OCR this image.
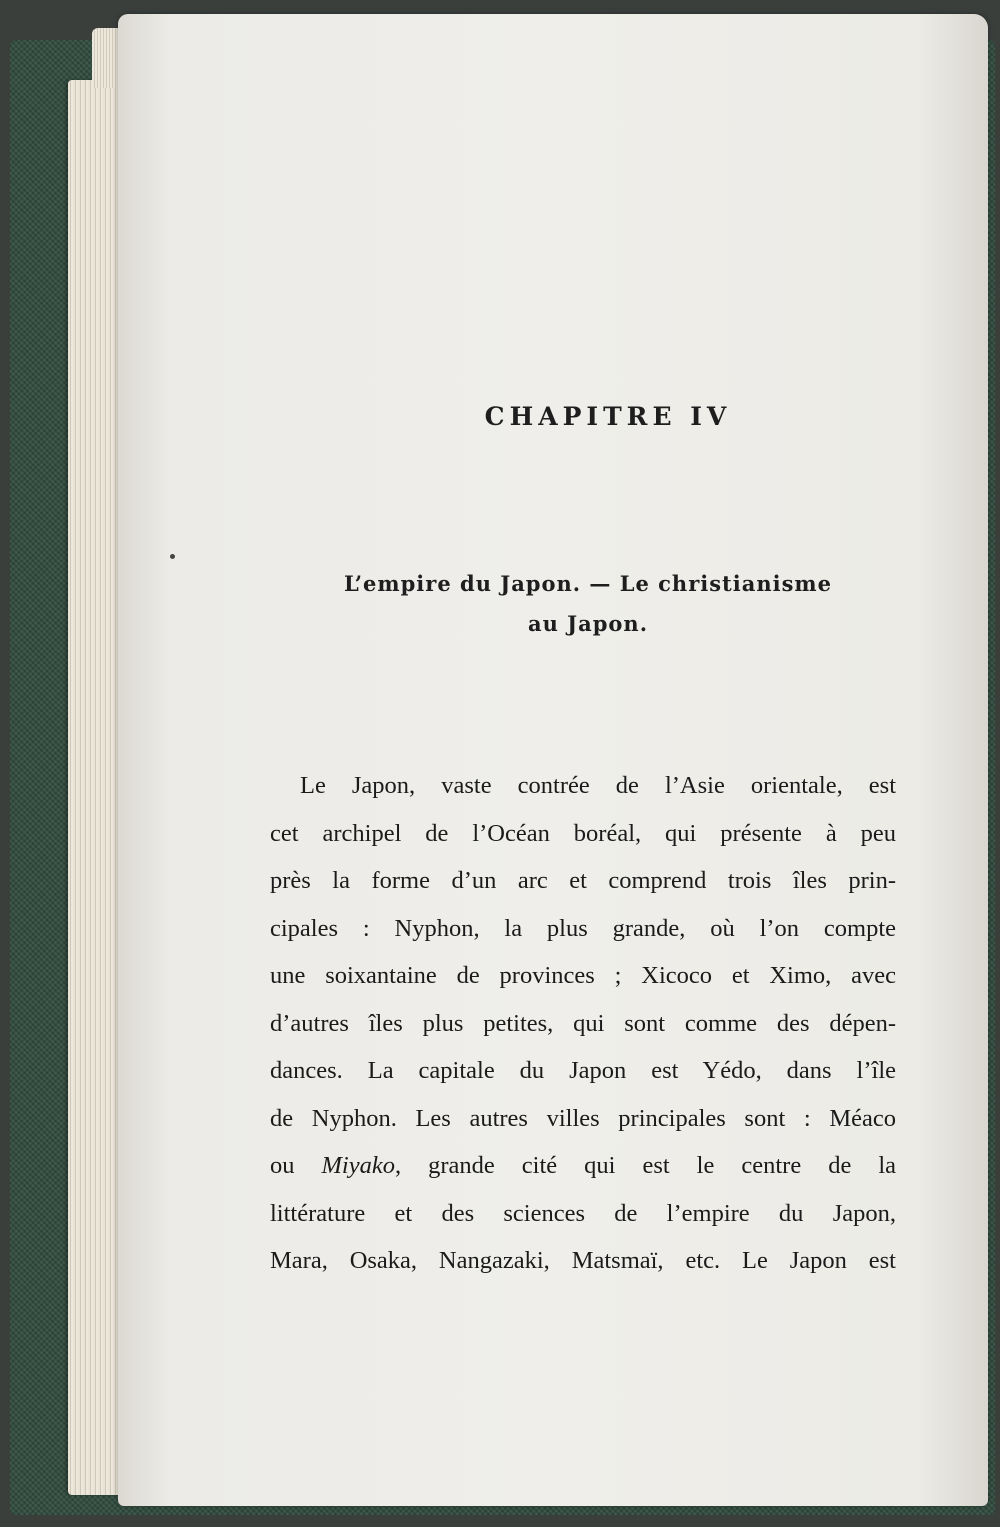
CHAPITRE IV
L’empire du Japon. — Le christianisme
au Japon.
Le Japon, vaste contrée de l’Asie orientale, est
cet archipel de l’Océan boréal, qui présente à peu
près la forme d’un arc et comprend trois îles prin-
cipales : Nyphon, la plus grande, où l’on compte
une soixantaine de provinces ; Xicoco et Ximo, avec
d’autres îles plus petites, qui sont comme des dépen-
dances. La capitale du Japon est Yédo, dans l’île
de Nyphon. Les autres villes principales sont : Méaco
ou Miyako, grande cité qui est le centre de la
littérature et des sciences de l’empire du Japon,
Mara, Osaka, Nangazaki, Matsmaï, etc. Le Japon est
